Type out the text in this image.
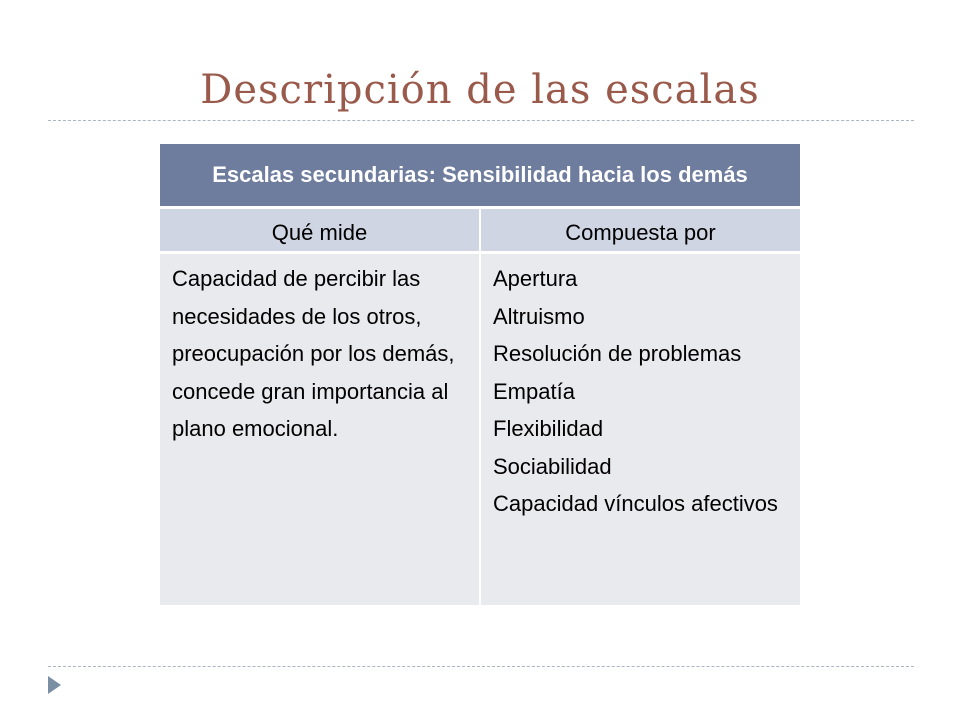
Descripción de las escalas
Escalas secundarias: Sensibilidad hacia los demás
Qué mide	Compuesta por
Capacidad de percibir las necesidades de los otros, preocupación por los demás, concede gran importancia al plano emocional.
Apertura
Altruismo
Resolución de problemas
Empatía
Flexibilidad
Sociabilidad
Capacidad vínculos afectivos
